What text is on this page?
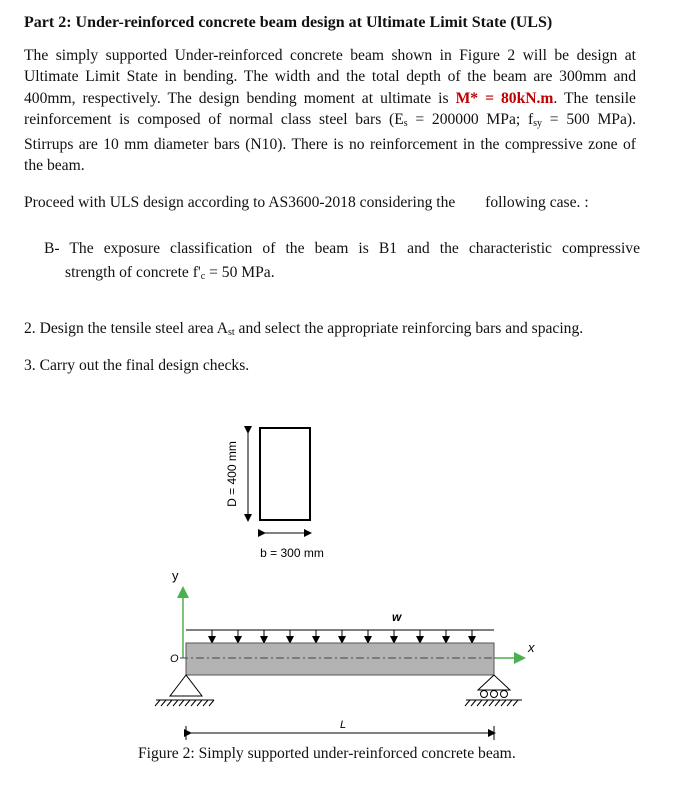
Part 2: Under-reinforced concrete beam design at Ultimate Limit State (ULS)
The simply supported Under-reinforced concrete beam shown in Figure 2 will be design at
Ultimate Limit State in bending. The width and the total depth of the beam are 300mm and
400mm, respectively. The design bending moment at ultimate is M* = 80kN.m. The tensile
reinforcement is composed of normal class steel bars ($E_s = 200000$ MPa; $f_{sy} = 500$ MPa).
Stirrups are 10 mm diameter bars (N10). There is no reinforcement in the compressive zone of
the beam.
Proceed with ULS design according to AS3600-2018 considering the following case. :
B- The exposure classification of the beam is B1 and the characteristic compressive
strength of concrete $f'_c = 50$ MPa.
2. Design the tensile steel area $A_{st}$ and select the appropriate reinforcing bars and spacing.
3. Carry out the final design checks.
D = 400 mm
b = 300 mm
y
x
O
w
L
Figure 2: Simply supported under-reinforced concrete beam.
